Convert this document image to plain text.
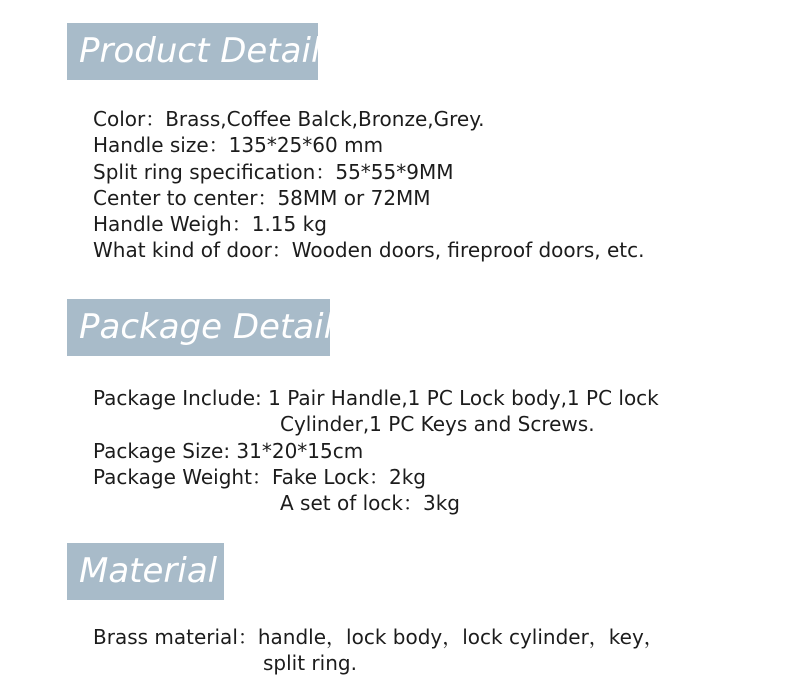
Product Detail
Color：Brass,Coffee Balck,Bronze,Grey.
Handle size：135*25*60 mm
Split ring specification：55*55*9MM
Center to center：58MM or 72MM
Handle Weigh：1.15 kg
What kind of door：Wooden doors, fireproof doors, etc.
Package Detail
Package Include: 1 Pair Handle,1 PC Lock body,1 PC lock
Cylinder,1 PC Keys and Screws.
Package Size: 31*20*15cm
Package Weight：Fake Lock：2kg
A set of lock：3kg
Material
Brass material：handle，lock body，lock cylinder，key，
split ring.
